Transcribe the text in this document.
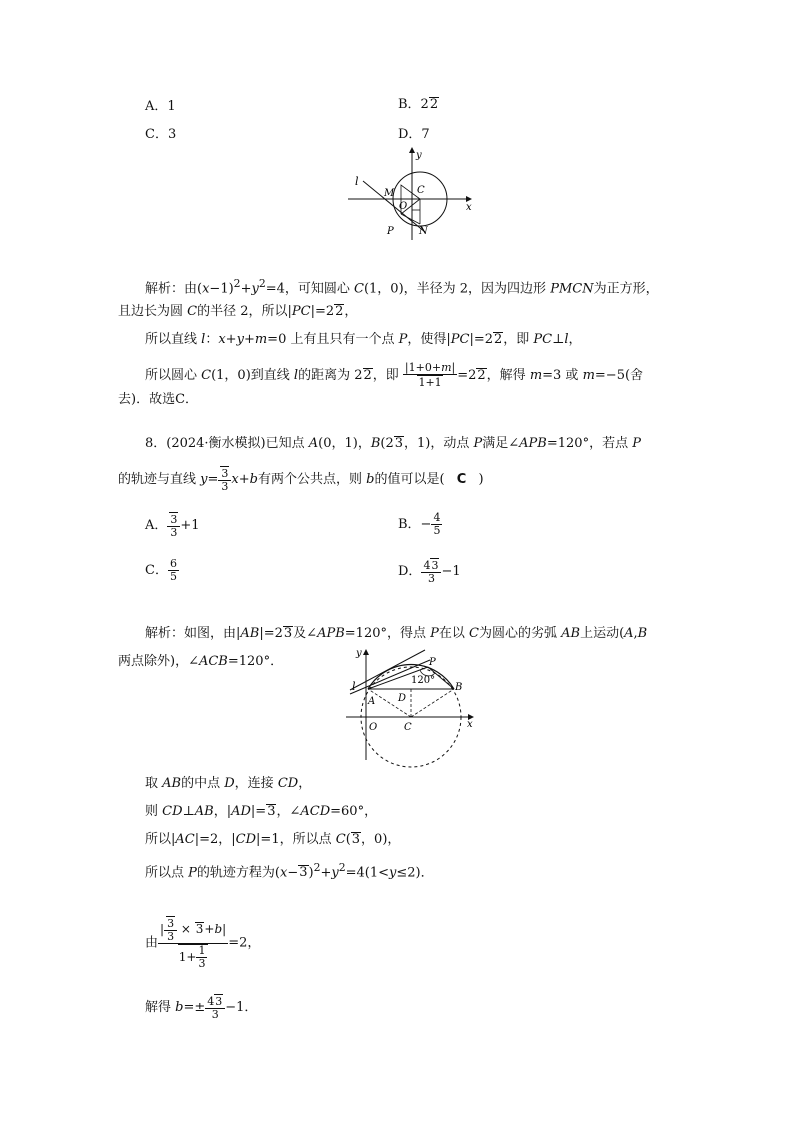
A．1	B．22
C．3	D．7
l
y
x
M C
O
P	N
解析：由$(x-1)^2+y^2=4$，可知圆心 C(1，0)，半径为 2，因为四边形 PMCN为正方形，
且边长为圆 C的半径 2，所以|PC|=22，
所以直线 l：x+y+m=0 上有且只有一个点 P，使得|PC|=22，即 PC⊥l，
所以圆心 C(1，0)到直线 l的距离为 22，即 $\frac{|1+0+m|}{1+1} =22$，解得 m=3 或 m=−5(舍
去)．故选C．
8．(2024·衡水模拟)已知点 A(0，1)，B(23，1)，动点 P满足∠APB=120°，若点 P
的轨迹与直线 $y= \frac{3}{3} x+b$有两个公共点，则 b的值可以是( C )
A． $\frac{3}{3} +1$	B．− $\frac{4}{5}$
C． $\frac{6}{5}$	D． $\frac{43}{3} -1$
解析：如图，由|AB|=23及∠APB=120°，得点 P在以 C为圆心的劣弧 AB上运动(A,B
两点除外)，∠ACB=120°．
y
x
l
P
120°
A
B
D
O	C
取 AB的中点 D，连接 CD，
则 CD⊥AB，|AD|=3，∠ACD=60°，
所以|AC|=2，|CD|=1，所以点 C(3，0)，
所以点 P的轨迹方程为$(x-3)^2+y^2=4(1<y\le 2)$．
由 $\frac{| \frac{3}{3} \times 3+b|}{1+ \frac{1}{3}} =2$，
解得 $b=\pm \frac{43}{3} -1$．
